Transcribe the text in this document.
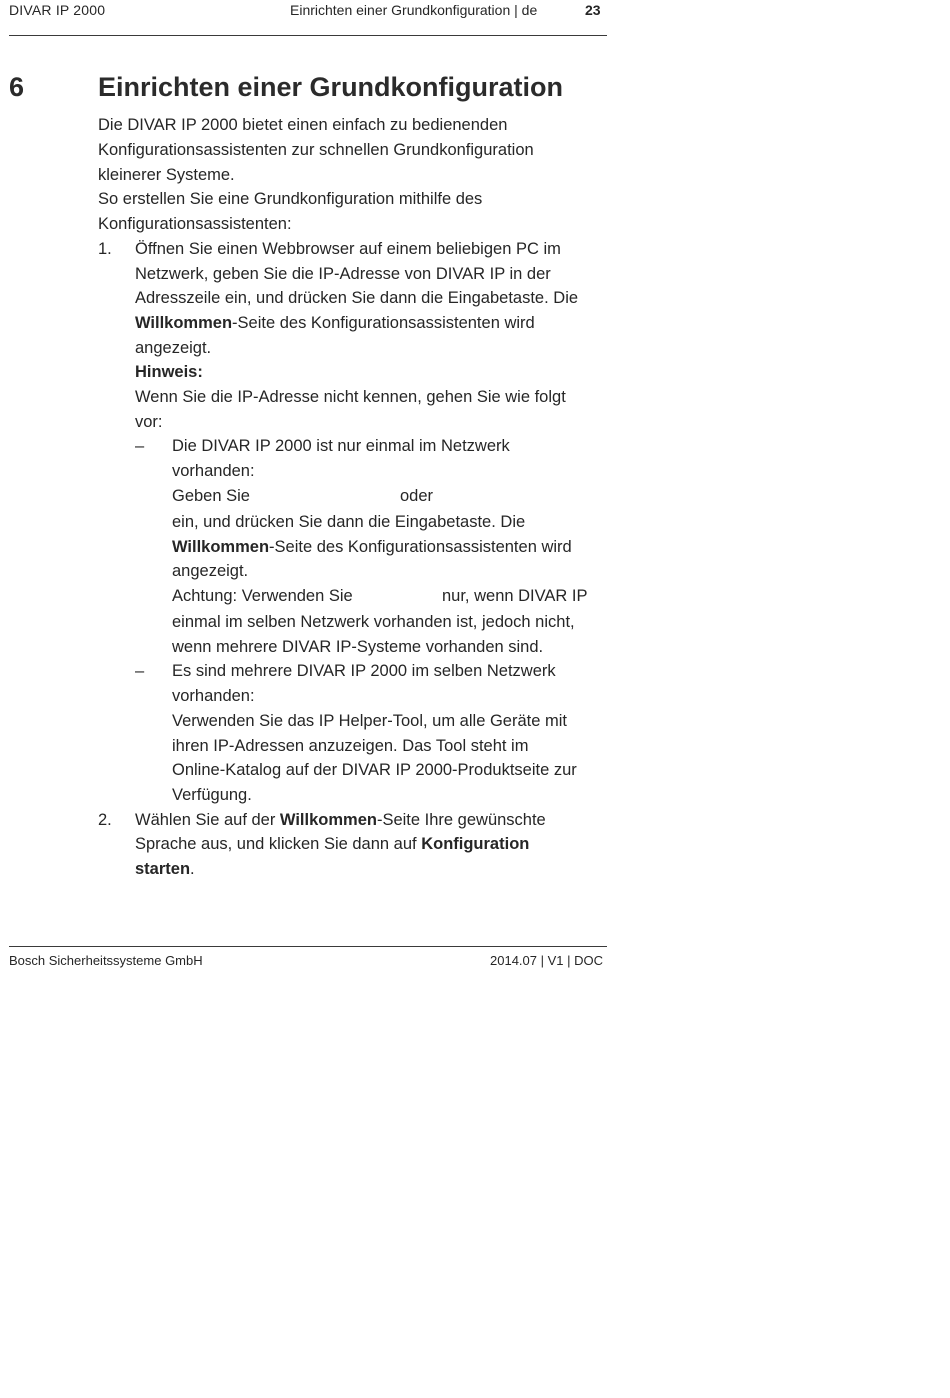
DIVAR IP 2000	Einrichten einer Grundkonfiguration | de	23
6	Einrichten einer Grundkonfiguration
Die DIVAR IP 2000 bietet einen einfach zu bedienenden
Konfigurationsassistenten zur schnellen Grundkonfiguration
kleinerer Systeme.
So erstellen Sie eine Grundkonfiguration mithilfe des
Konfigurationsassistenten:
1. Öffnen Sie einen Webbrowser auf einem beliebigen PC im
Netzwerk, geben Sie die IP-Adresse von DIVAR IP in der
Adresszeile ein, und drücken Sie dann die Eingabetaste. Die
Willkommen-Seite des Konfigurationsassistenten wird
angezeigt.
Hinweis:
Wenn Sie die IP-Adresse nicht kennen, gehen Sie wie folgt
vor:
– Die DIVAR IP 2000 ist nur einmal im Netzwerk
vorhanden:
Geben Sie	oder
ein, und drücken Sie dann die Eingabetaste. Die
Willkommen-Seite des Konfigurationsassistenten wird
angezeigt.
Achtung: Verwenden Sie	nur, wenn DIVAR IP
einmal im selben Netzwerk vorhanden ist, jedoch nicht,
wenn mehrere DIVAR IP-Systeme vorhanden sind.
– Es sind mehrere DIVAR IP 2000 im selben Netzwerk
vorhanden:
Verwenden Sie das IP Helper-Tool, um alle Geräte mit
ihren IP-Adressen anzuzeigen. Das Tool steht im
Online-Katalog auf der DIVAR IP 2000-Produktseite zur
Verfügung.
2. Wählen Sie auf der Willkommen-Seite Ihre gewünschte
Sprache aus, und klicken Sie dann auf Konfiguration
starten.
Bosch Sicherheitssysteme GmbH	2014.07 | V1 | DOC
